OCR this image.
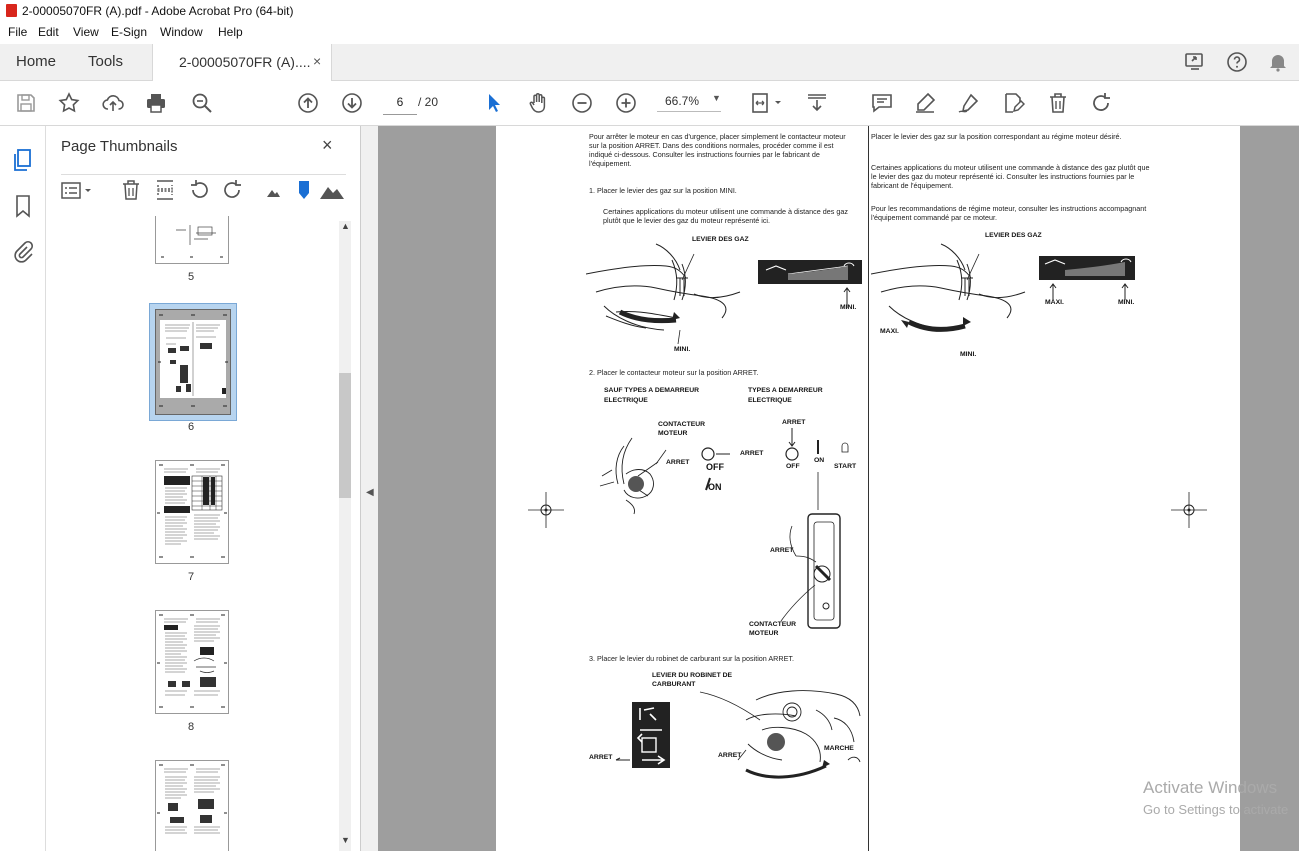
2-00005070FR (A).pdf - Adobe Acrobat Pro (64-bit)
File Edit View E-Sign Window Help
Home Tools	2-00005070FR (A).... ×
6
/ 20	66.7% ▼
Page Thumbnails	×
5
6
7
8
▲
▼
◀
Pour arrêter le moteur en cas d'urgence, placer simplement le contacteur moteur sur la position ARRET. Dans des conditions normales, procéder comme il est indiqué ci-dessous. Consulter les instructions fournies par le fabricant de l'équipement.
1. Placer le levier des gaz sur la position MINI.
Certaines applications du moteur utilisent une commande à distance des gaz plutôt que le levier des gaz du moteur représenté ici.
LEVIER DES GAZ
MINI.
MINI.
2. Placer le contacteur moteur sur la position ARRET.
SAUF TYPES A DEMARREUR ELECTRIQUE
TYPES A DEMARREUR ELECTRIQUE
CONTACTEUR MOTEUR
ARRET
ARRET
OFF
ON
ARRET
OFF
ON
START
ARRET
CONTACTEUR MOTEUR
3. Placer le levier du robinet de carburant sur la position ARRET.
LEVIER DU ROBINET DE CARBURANT
ARRET	ARRET
MARCHE
Placer le levier des gaz sur la position correspondant au régime moteur désiré.
Certaines applications du moteur utilisent une commande à distance des gaz plutôt que le levier des gaz du moteur représenté ici. Consulter les instructions fournies par le fabricant de l'équipement.
Pour les recommandations de régime moteur, consulter les instructions accompagnant l'équipement commandé par ce moteur.
LEVIER DES GAZ
MAXI.	MINI.
MAXI.
MINI.
Activate Windows
Go to Settings to activate
